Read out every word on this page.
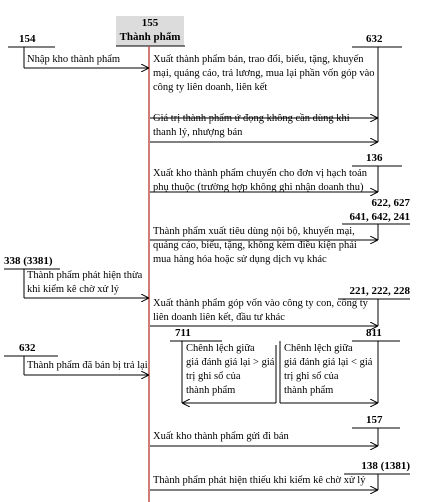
155
Thành phẩm
154	632
136
622, 627
641, 642, 241
338 (3381)
221, 222, 228
711	811
632
157
138 (1381)
Nhập kho thành phẩm	Xuất thành phẩm bán, trao đổi, biếu, tặng, khuyến
mại, quảng cáo, trả lương, mua lại phần vốn góp vào
công ty liên doanh, liên kết
Giá trị thành phẩm ứ đọng không cần dùng khi
thanh lý, nhượng bán
Xuất kho thành phẩm chuyển cho đơn vị hạch toán
phụ thuộc (trường hợp không ghi nhận doanh thu)
Thành phẩm xuất tiêu dùng nội bộ, khuyến mại,
quảng cáo, biếu, tặng, không kèm điều kiện phải
mua hàng hóa hoặc sử dụng dịch vụ khác
Thành phẩm phát hiện thừa
khi kiểm kê chờ xử lý
Xuất thành phẩm góp vốn vào công ty con, công ty
liên doanh liên kết, đầu tư khác
Chênh lệch giữa
giá đánh giá lại > giá
trị ghi sổ của
thành phẩm
Chênh lệch giữa
giá đánh giá lại < giá
trị ghi sổ của
thành phẩm
Thành phẩm đã bán bị trả lại
Xuất kho thành phẩm gửi đi bán
Thành phẩm phát hiện thiếu khi kiểm kê chờ xử lý
